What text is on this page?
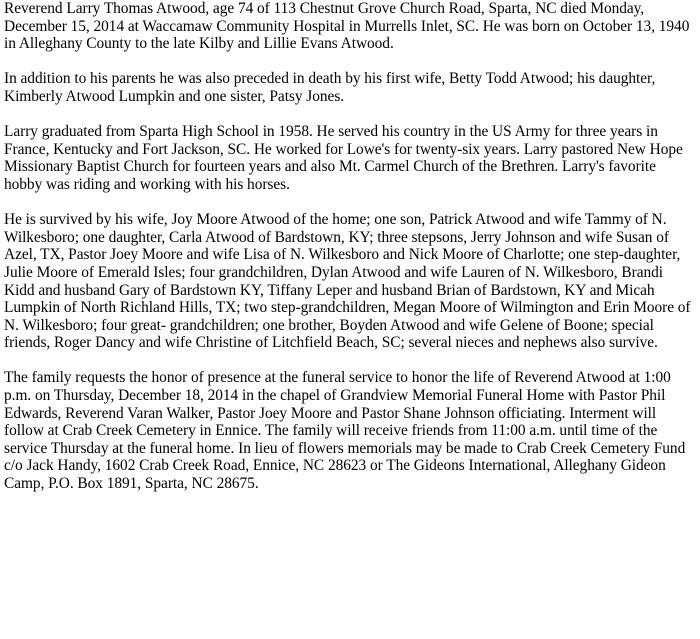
Reverend Larry Thomas Atwood, age 74 of 113 Chestnut Grove Church Road, Sparta, NC died Monday, December 15, 2014 at Waccamaw Community Hospital in Murrells Inlet, SC. He was born on October 13, 1940 in Alleghany County to the late Kilby and Lillie Evans Atwood.

In addition to his parents he was also preceded in death by his first wife, Betty Todd Atwood; his daughter, Kimberly Atwood Lumpkin and one sister, Patsy Jones.

Larry graduated from Sparta High School in 1958. He served his country in the US Army for three years in France, Kentucky and Fort Jackson, SC. He worked for Lowe's for twenty-six years. Larry pastored New Hope Missionary Baptist Church for fourteen years and also Mt. Carmel Church of the Brethren. Larry's favorite hobby was riding and working with his horses.

He is survived by his wife, Joy Moore Atwood of the home; one son, Patrick Atwood and wife Tammy of N. Wilkesboro; one daughter, Carla Atwood of Bardstown, KY; three stepsons, Jerry Johnson and wife Susan of Azel, TX, Pastor Joey Moore and wife Lisa of N. Wilkesboro and Nick Moore of Charlotte; one step-daughter, Julie Moore of Emerald Isles; four grandchildren, Dylan Atwood and wife Lauren of N. Wilkesboro, Brandi Kidd and husband Gary of Bardstown KY, Tiffany Leper and husband Brian of Bardstown, KY and Micah Lumpkin of North Richland Hills, TX; two step-grandchildren, Megan Moore of Wilmington and Erin Moore of N. Wilkesboro; four great- grandchildren; one brother, Boyden Atwood and wife Gelene of Boone; special friends, Roger Dancy and wife Christine of Litchfield Beach, SC; several nieces and nephews also survive.

The family requests the honor of presence at the funeral service to honor the life of Reverend Atwood at 1:00 p.m. on Thursday, December 18, 2014 in the chapel of Grandview Memorial Funeral Home with Pastor Phil Edwards, Reverend Varan Walker, Pastor Joey Moore and Pastor Shane Johnson officiating. Interment will follow at Crab Creek Cemetery in Ennice. The family will receive friends from 11:00 a.m. until time of the service Thursday at the funeral home. In lieu of flowers memorials may be made to Crab Creek Cemetery Fund c/o Jack Handy, 1602 Crab Creek Road, Ennice, NC 28623 or The Gideons International, Alleghany Gideon Camp, P.O. Box 1891, Sparta, NC 28675.
